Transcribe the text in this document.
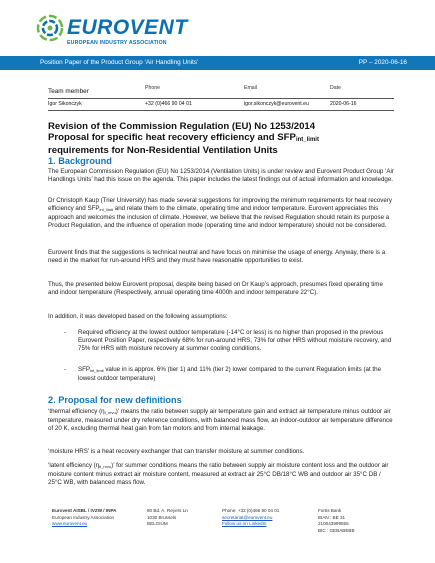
EUROVENT
EUROPEAN INDUSTRY ASSOCIATION
Position Paper of the Product Group ‘Air Handling Units’	PP – 2020-06-16
Team member	Phone	Email	Date
Igor Sikonczyk	+32 (0)466 90 04 01	igor.sikonczyk@eurovent.eu	2020-06-16
Revision of the Commission Regulation (EU) No 1253/2014
Proposal for specific heat recovery efficiency and $SFP_{int\_limit}$
requirements for Non-Residential Ventilation Units
1. Background
The European Commission Regulation (EU) No 1253/2014 (Ventilation Units) is under review and Eurovent Product Group ‘Air Handlings Units’ had this issue on the agenda. This paper includes the latest findings out of actual information and knowledge.
Dr Christoph Kaup (Trier University) has made several suggestions for improving the minimum requirements for heat recovery efficiency and $SFP_{int\_limit}$ and relate them to the climate, operating time and indoor temperature. Eurovent appreciates this approach and welcomes the inclusion of climate. However, we believe that the revised Regulation should retain its purpose a Product Regulation, and the influence of operation mode (operating time and indoor temperature) should not be considered.
Eurovent finds that the suggestions is technical neutral and have focus on minimise the usage of energy. Anyway, there is a need in the market for run-around HRS and they must have reasonable opportunities to exist.
Thus, the presented below Eurovent proposal, despite being based on Dr Kaup’s approach, presumes fixed operating time and indoor temperature (Respectively, annual operating time 4000h and indoor temperature 22°C).
In addition, it was developed based on the following assumptions:
- Required efficiency at the lowest outdoor temperature (-14°C or less) is no higher than proposed in the previous Eurovent Position Paper, respectively 68% for run-around HRS, 73% for other HRS without moisture recovery, and 75% for HRS with moisture recovery at summer cooling conditions.
- $SFP_{int\_limit}$ value in is approx. 6% (tier 1) and 11% (tier 2) lower compared to the current Regulation limits (at the lowest outdoor temperature)
2. Proposal for new definitions
‘thermal efficiency $(\eta_{t\_nrvu})$’ means the ratio between supply air temperature gain and extract air temperature minus outdoor air temperature, measured under dry reference conditions, with balanced mass flow, an indoor-outdoor air temperature difference of 20 K, excluding thermal heat gain from fan motors and from internal leakage.
‘moisture HRS’ is a heat recovery exchanger that can transfer moisture at summer conditions.
‘latent efficiency $(\eta_{lt\_nrvu})$’ for summer conditions means the ratio between supply air moisture content loss and the outdoor air moisture content minus extract air moisture content, measured at extract air 25°C DB/18°C WB and outdoor air 35°C DB / 25°C WB, with balanced mass flow.
Eurovent AISBL / IVZW / INPA
European Industry Association
www.eurovent.eu
80 Bd. A. Reyers Ln
1030 Brussels
BELGIUM
Phone: +32 (0)466 90 04 01
secretariat@eurovent.eu
Follow us on LinkedIn
Fortis Bank
IBAN : BE 31
210043999555
BIC : GEBABEBB
